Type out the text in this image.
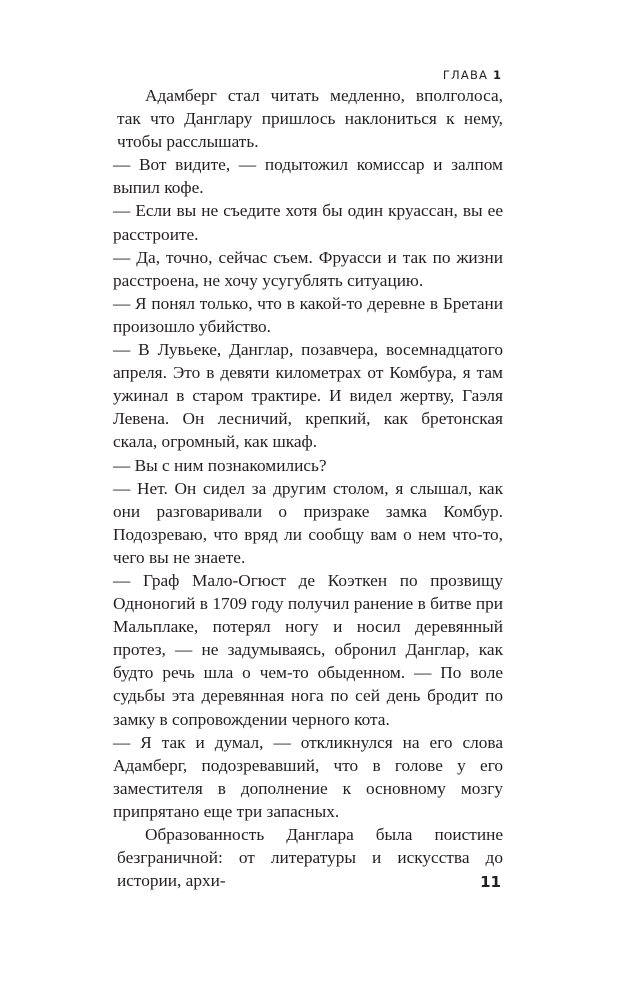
ГЛАВА 1

Адамберг стал читать медленно, вполголоса, так что Данглару пришлось наклониться к нему, чтобы расслышать.

— Вот видите, — подытожил комиссар и залпом выпил кофе.

— Если вы не съедите хотя бы один круассан, вы ее расстроите.

— Да, точно, сейчас съем. Фруасси и так по жизни расстроена, не хочу усугублять ситуацию.

— Я понял только, что в какой-то деревне в Бретани произошло убийство.

— В Лувьеке, Данглар, позавчера, восемнадцатого апреля. Это в девяти километрах от Комбура, я там ужинал в старом трактире. И видел жертву, Гаэля Левена. Он лесничий, крепкий, как бретонская скала, огромный, как шкаф.

— Вы с ним познакомились?

— Нет. Он сидел за другим столом, я слышал, как они разговаривали о призраке замка Комбур. Подозреваю, что вряд ли сообщу вам о нем что-то, чего вы не знаете.

— Граф Мало-Огюст де Коэткен по прозвищу Одноногий в 1709 году получил ранение в битве при Мальплаке, потерял ногу и носил деревянный протез, — не задумываясь, обронил Данглар, как будто речь шла о чем-то обыденном. — По воле судьбы эта деревянная нога по сей день бродит по замку в сопровождении черного кота.

— Я так и думал, — откликнулся на его слова Адамберг, подозревавший, что в голове у его заместителя в дополнение к основному мозгу припрятано еще три запасных.

Образованность Данглара была поистине безграничной: от литературы и искусства до истории, архи-	11
